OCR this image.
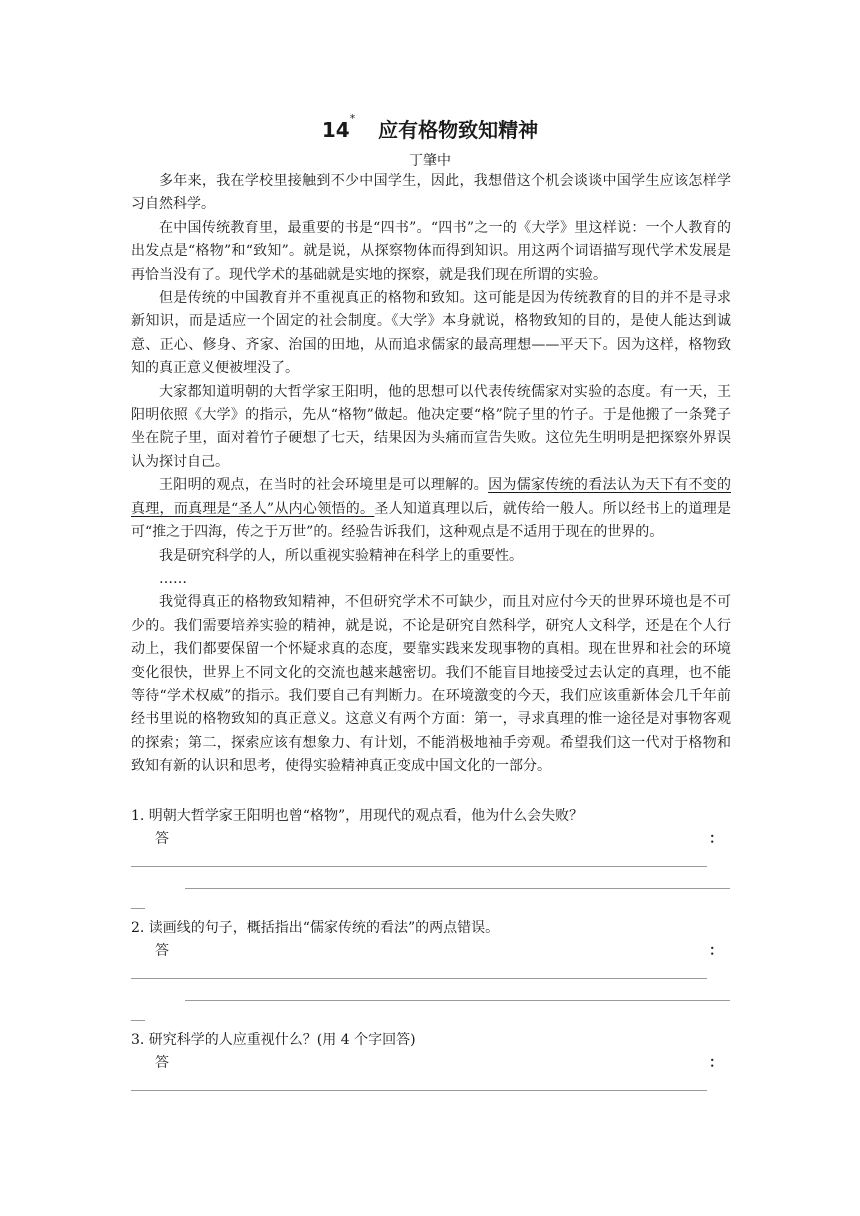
14* 应有格物致知精神
丁肇中

多年来，我在学校里接触到不少中国学生，因此，我想借这个机会谈谈中国学生应该怎样学习自然科学。

在中国传统教育里，最重要的书是“四书”。“四书”之一的《大学》里这样说：一个人教育的出发点是“格物”和“致知”。就是说，从探察物体而得到知识。用这两个词语描写现代学术发展是再恰当没有了。现代学术的基础就是实地的探察，就是我们现在所谓的实验。

但是传统的中国教育并不重视真正的格物和致知。这可能是因为传统教育的目的并不是寻求新知识，而是适应一个固定的社会制度。《大学》本身就说，格物致知的目的，是使人能达到诚意、正心、修身、齐家、治国的田地，从而追求儒家的最高理想——平天下。因为这样，格物致知的真正意义便被埋没了。

大家都知道明朝的大哲学家王阳明，他的思想可以代表传统儒家对实验的态度。有一天，王阳明依照《大学》的指示，先从“格物”做起。他决定要“格”院子里的竹子。于是他搬了一条凳子坐在院子里，面对着竹子硬想了七天，结果因为头痛而宣告失败。这位先生明明是把探察外界误认为探讨自己。

王阳明的观点，在当时的社会环境里是可以理解的。因为儒家传统的看法认为天下有不变的真理，而真理是“圣人”从内心领悟的。圣人知道真理以后，就传给一般人。所以经书上的道理是可“推之于四海，传之于万世”的。经验告诉我们，这种观点是不适用于现在的世界的。

我是研究科学的人，所以重视实验精神在科学上的重要性。

……

我觉得真正的格物致知精神，不但研究学术不可缺少，而且对应付今天的世界环境也是不可少的。我们需要培养实验的精神，就是说，不论是研究自然科学，研究人文科学，还是在个人行动上，我们都要保留一个怀疑求真的态度，要靠实践来发现事物的真相。现在世界和社会的环境变化很快，世界上不同文化的交流也越来越密切。我们不能盲目地接受过去认定的真理，也不能等待“学术权威”的指示。我们要自己有判断力。在环境激变的今天，我们应该重新体会几千年前经书里说的格物致知的真正意义。这意义有两个方面：第一，寻求真理的惟一途径是对事物客观的探索；第二，探索应该有想象力、有计划，不能消极地袖手旁观。希望我们这一代对于格物和致知有新的认识和思考，使得实验精神真正变成中国文化的一部分。

1. 明朝大哲学家王阳明也曾“格物”，用现代的观点看，他为什么会失败？
答	：
2. 读画线的句子，概括指出“儒家传统的看法”的两点错误。
答	：
3. 研究科学的人应重视什么？(用 4 个字回答)
答	：
